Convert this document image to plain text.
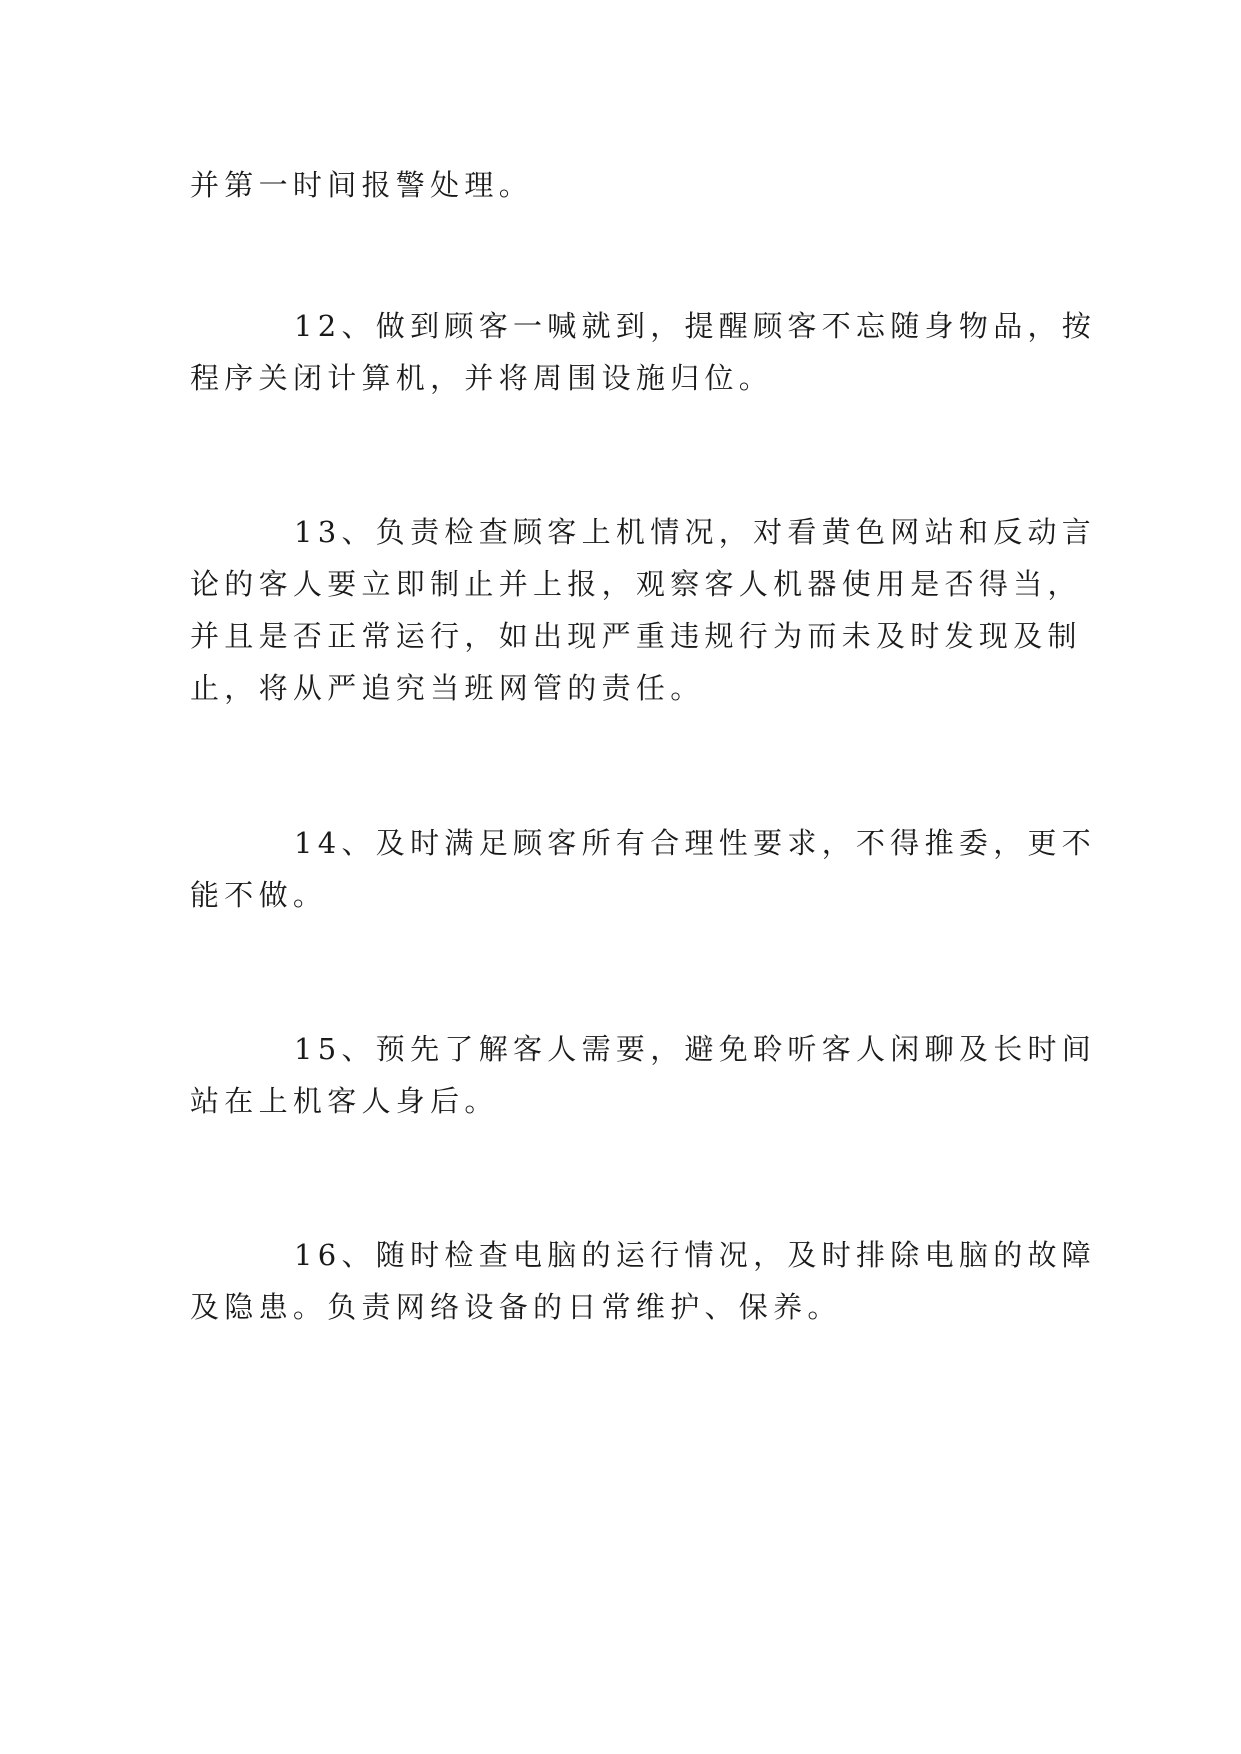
并第一时间报警处理。
12、做到顾客一喊就到，提醒顾客不忘随身物品，按
程序关闭计算机，并将周围设施归位。
13、负责检查顾客上机情况，对看黄色网站和反动言
论的客人要立即制止并上报，观察客人机器使用是否得当，
并且是否正常运行，如出现严重违规行为而未及时发现及制
止，将从严追究当班网管的责任。
14、及时满足顾客所有合理性要求，不得推委，更不
能不做。
15、预先了解客人需要，避免聆听客人闲聊及长时间
站在上机客人身后。
16、随时检查电脑的运行情况，及时排除电脑的故障
及隐患。负责网络设备的日常维护、保养。
